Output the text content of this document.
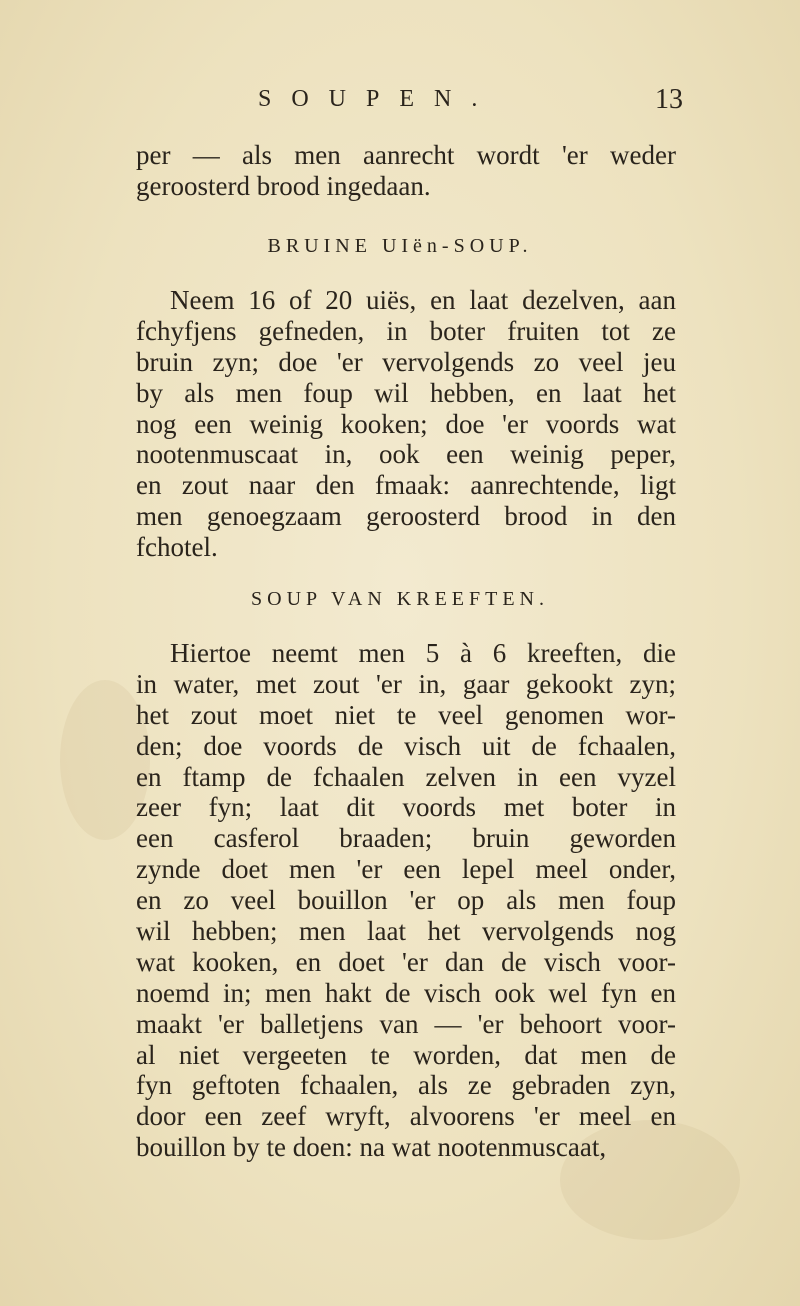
SOUPEN.	13
per — als men aanrecht wordt 'er weder
geroosterd brood ingedaan.
BRUINE UIën-SOUP.
Neem 16 of 20 uiës, en laat dezelven, aan
fchyfjens gefneden, in boter fruiten tot ze
bruin zyn; doe 'er vervolgends zo veel jeu
by als men foup wil hebben, en laat het
nog een weinig kooken; doe 'er voords wat
nootenmuscaat in, ook een weinig peper,
en zout naar den fmaak: aanrechtende, ligt
men genoegzaam geroosterd brood in den
fchotel.
SOUP VAN KREEFTEN.
Hiertoe neemt men 5 à 6 kreeften, die
in water, met zout 'er in, gaar gekookt zyn;
het zout moet niet te veel genomen wor-
den; doe voords de visch uit de fchaalen,
en ftamp de fchaalen zelven in een vyzel
zeer fyn; laat dit voords met boter in
een casferol braaden; bruin geworden
zynde doet men 'er een lepel meel onder,
en zo veel bouillon 'er op als men foup
wil hebben; men laat het vervolgends nog
wat kooken, en doet 'er dan de visch voor-
noemd in; men hakt de visch ook wel fyn en
maakt 'er balletjens van — 'er behoort voor-
al niet vergeeten te worden, dat men de
fyn geftoten fchaalen, als ze gebraden zyn,
door een zeef wryft, alvoorens 'er meel en
bouillon by te doen: na wat nootenmuscaat,
